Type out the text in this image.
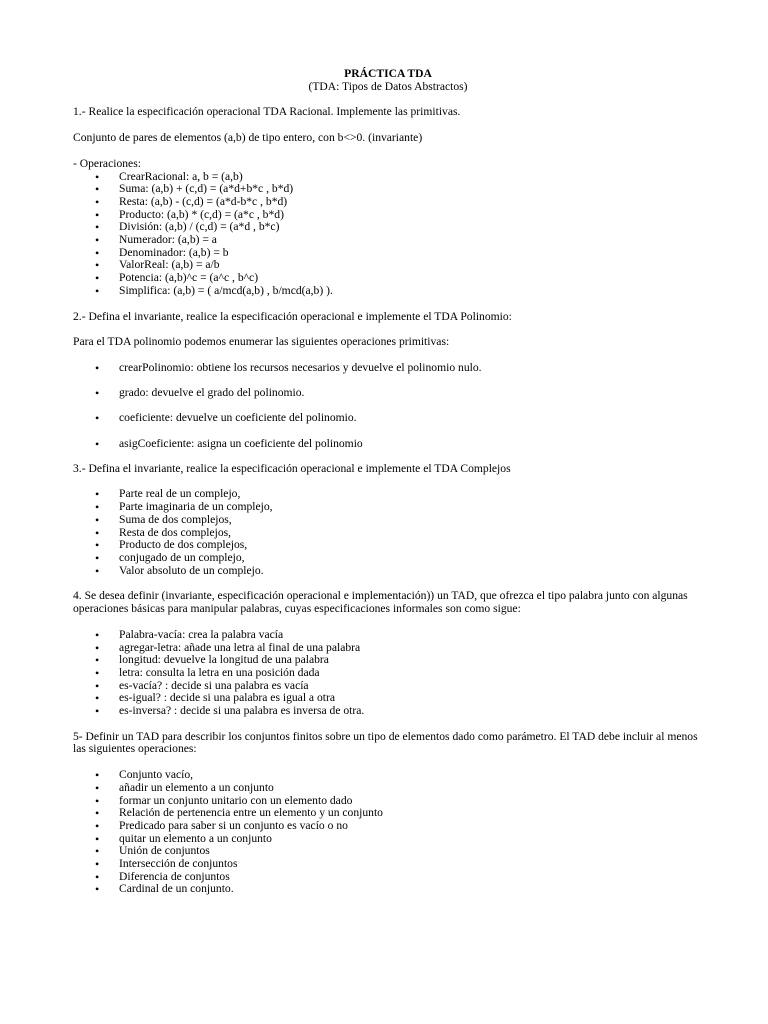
PRÁCTICA TDA
(TDA: Tipos de Datos Abstractos)

1.- Realice la especificación operacional TDA Racional. Implemente las primitivas.

Conjunto de pares de elementos (a,b) de tipo entero, con b<>0. (invariante)

- Operaciones:

• CrearRacional: a, b = (a,b)
• Suma: (a,b) + (c,d) = (a*d+b*c , b*d)
• Resta: (a,b) - (c,d) = (a*d-b*c , b*d)
• Producto: (a,b) * (c,d) = (a*c , b*d)
• División: (a,b) / (c,d) = (a*d , b*c)
• Numerador: (a,b) = a
• Denominador: (a,b) = b
• ValorReal: (a,b) = a/b
• Potencia: (a,b)^c = (a^c , b^c)
• Simplifica: (a,b) = ( a/mcd(a,b) , b/mcd(a,b) ).

2.- Defina el invariante, realice la especificación operacional e implemente el TDA Polinomio:

Para el TDA polinomio podemos enumerar las siguientes operaciones primitivas:

• crearPolinomio: obtiene los recursos necesarios y devuelve el polinomio nulo.
• grado: devuelve el grado del polinomio.
• coeficiente: devuelve un coeficiente del polinomio.
• asigCoeficiente: asigna un coeficiente del polinomio

3.- Defina el invariante, realice la especificación operacional e implemente el TDA Complejos

• Parte real de un complejo,
• Parte imaginaria de un complejo,
• Suma de dos complejos,
• Resta de dos complejos,
• Producto de dos complejos,
• conjugado de un complejo,
• Valor absoluto de un complejo.

4. Se desea definir (invariante, especificación operacional e implementación)) un TAD, que ofrezca el tipo palabra junto con algunas operaciones básicas para manipular palabras, cuyas especificaciones informales son como sigue:

• Palabra-vacía: crea la palabra vacía
• agregar-letra: añade una letra al final de una palabra
• longitud: devuelve la longitud de una palabra
• letra: consulta la letra en una posición dada
• es-vacía? : decide si una palabra es vacía
• es-igual? : decide si una palabra es igual a otra
• es-inversa? : decide si una palabra es inversa de otra.

5- Definir un TAD para describir los conjuntos finitos sobre un tipo de elementos dado como parámetro. El TAD debe incluir al menos las siguientes operaciones:

• Conjunto vacío,
• añadir un elemento a un conjunto
• formar un conjunto unitario con un elemento dado
• Relación de pertenencia entre un elemento y un conjunto
• Predicado para saber si un conjunto es vacío o no
• quitar un elemento a un conjunto
• Unión de conjuntos
• Intersección de conjuntos
• Diferencia de conjuntos
• Cardinal de un conjunto.
